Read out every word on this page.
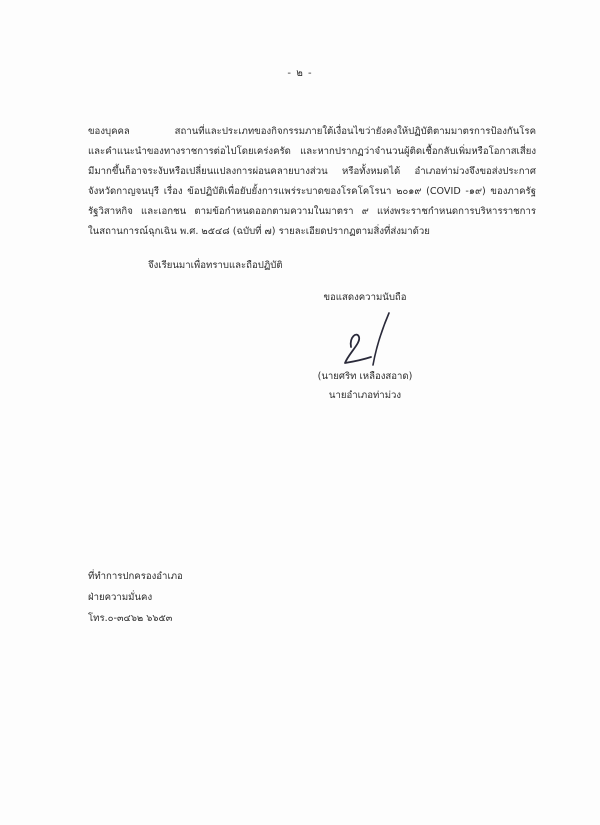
- ๒ -
ของบุคคล สถานที่และประเภทของกิจกรรมภายใต้เงื่อนไขว่ายังคงให้ปฏิบัติตามมาตรการป้องกันโรค
และคำแนะนำของทางราชการต่อไปโดยเคร่งครัด และหากปรากฏว่าจำนวนผู้ติดเชื้อกลับเพิ่มหรือโอกาสเสี่ยง
มีมากขึ้นก็อาจระงับหรือเปลี่ยนแปลงการผ่อนคลายบางส่วน หรือทั้งหมดได้ อำเภอท่าม่วงจึงขอส่งประกาศ
จังหวัดกาญจนบุรี เรื่อง ข้อปฏิบัติเพื่อยับยั้งการแพร่ระบาดของโรคโคโรนา ๒๐๑๙ (COVID -๑๙) ของภาครัฐ
รัฐวิสาหกิจ และเอกชน ตามข้อกำหนดออกตามความในมาตรา ๙ แห่งพระราชกำหนดการบริหารราชการ
ในสถานการณ์ฉุกเฉิน พ.ศ. ๒๕๔๘ (ฉบับที่ ๗) รายละเอียดปรากฏตามสิ่งที่ส่งมาด้วย
จึงเรียนมาเพื่อทราบและถือปฏิบัติ
ขอแสดงความนับถือ
(นายศริท เหลืองสอาด)
นายอำเภอท่าม่วง
ที่ทำการปกครองอำเภอ
ฝ่ายความมั่นคง
โทร.๐-๓๔๖๒ ๖๖๕๓
